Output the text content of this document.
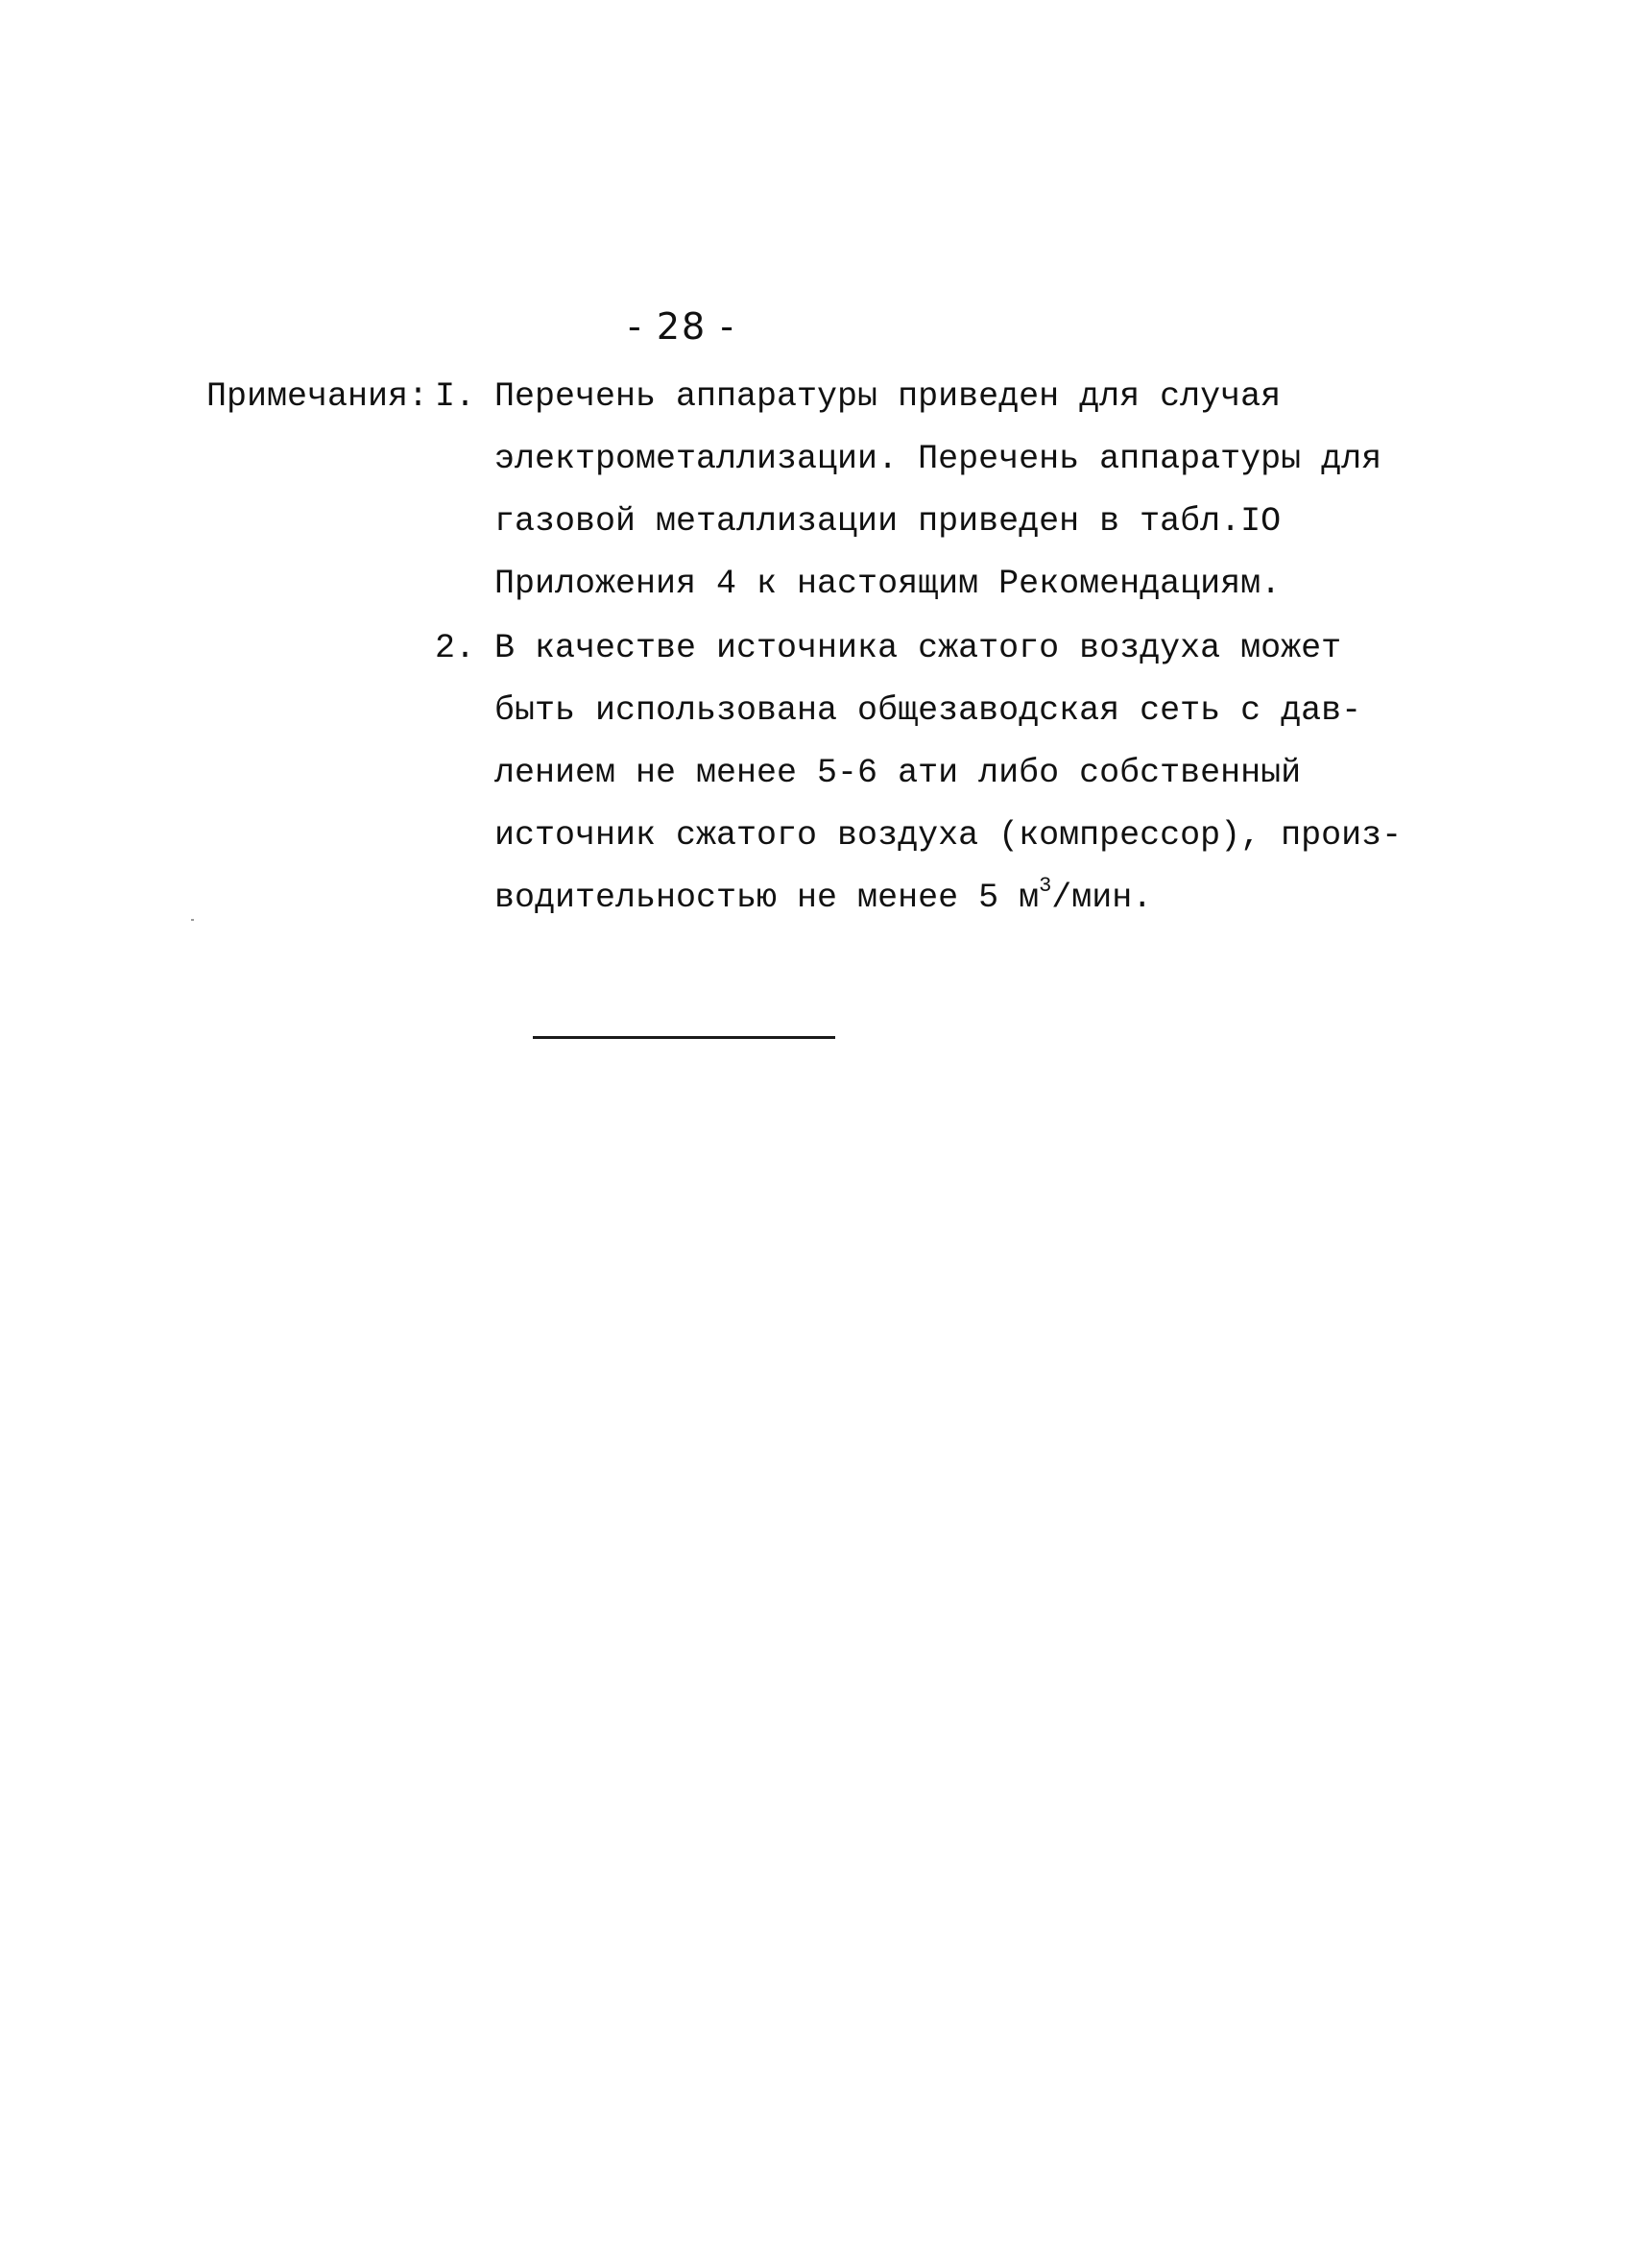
- 28 -
Примечания: I. Перечень аппаратуры приведен для случая
электрометаллизации. Перечень аппаратуры для
газовой металлизации приведен в табл.IO
Приложения 4 к настоящим Рекомендациям.
2. В качестве источника сжатого воздуха может
быть использована общезаводская сеть с дав-
лением не менее 5-6 ати либо собственный
источник сжатого воздуха (компрессор), произ-
водительностью не менее 5 $м^3$/мин.
